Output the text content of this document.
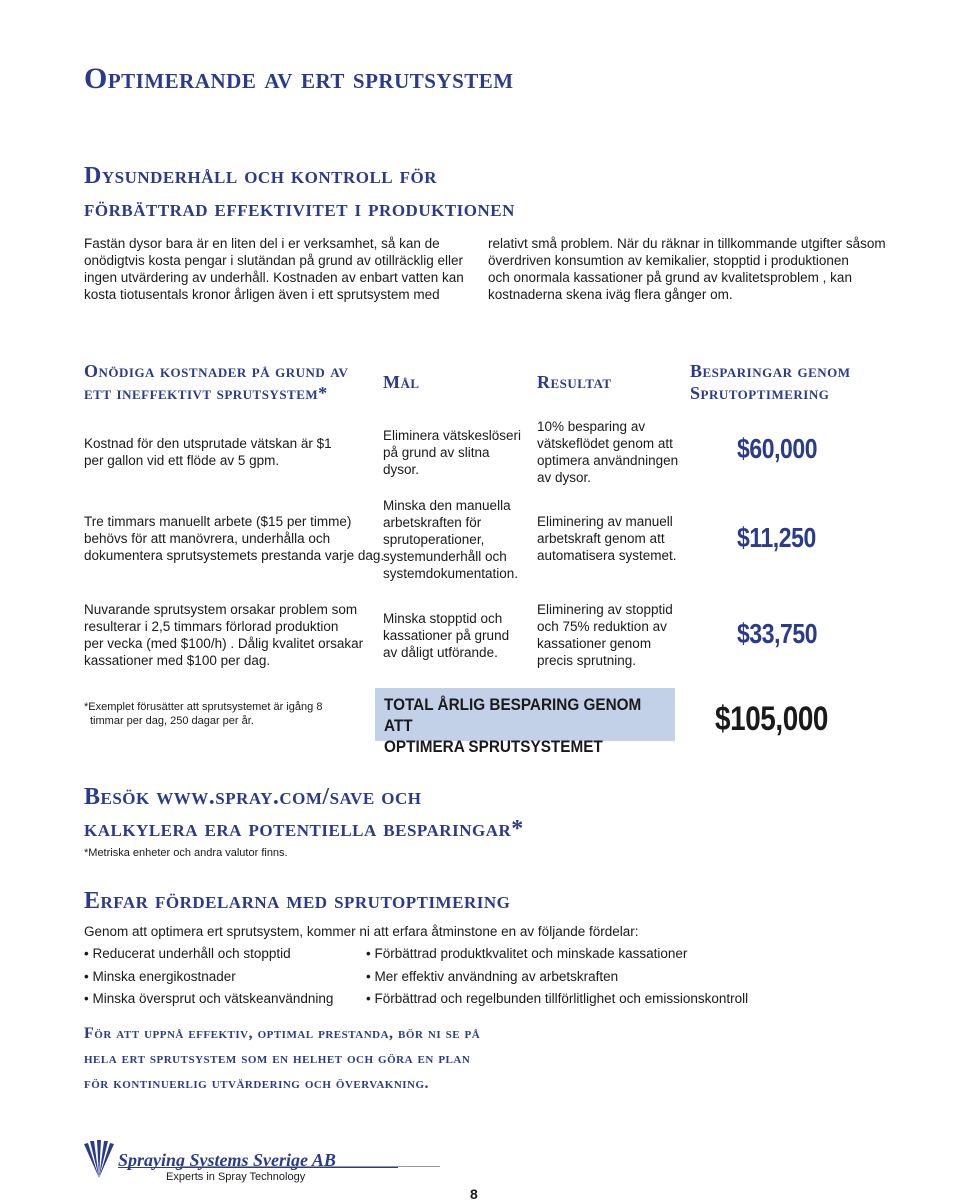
Optimerande av ert sprutsystem
Dysunderhåll och kontroll för
förbättrad effektivitet i produktionen
Fastän dysor bara är en liten del i er verksamhet, så kan de
onödigtvis kosta pengar i slutändan på grund av otillräcklig eller
ingen utvärdering av underhåll. Kostnaden av enbart vatten kan
kosta tiotusentals kronor årligen även i ett sprutsystem med
relativt små problem. När du räknar in tillkommande utgifter såsom
överdriven konsumtion av kemikalier, stopptid i produktionen
och onormala kassationer på grund av kvalitetsproblem , kan
kostnaderna skena iväg flera gånger om.
Onödiga kostnader på grund av
ett ineffektivt sprutsystem*
Mål	Resultat
Besparingar genom
Sprutoptimering
Kostnad för den utsprutade vätskan är $1
per gallon vid ett flöde av 5 gpm.
Eliminera vätskeslöseri
på grund av slitna
dysor.
10% besparing av
vätskeflödet genom att
optimera användningen
av dysor.
$60,000
Tre timmars manuellt arbete ($15 per timme)
behövs för att manövrera, underhålla och
dokumentera sprutsystemets prestanda varje dag.
Minska den manuella
arbetskraften för
sprutoperationer,
systemunderhåll och
systemdokumentation.
Eliminering av manuell
arbetskraft genom att
automatisera systemet.
$11,250
Nuvarande sprutsystem orsakar problem som
resulterar i 2,5 timmars förlorad produktion
per vecka (med $100/h) . Dålig kvalitet orsakar
kassationer med $100 per dag.
Minska stopptid och
kassationer på grund
av dåligt utförande.
Eliminering av stopptid
och 75% reduktion av
kassationer genom
precis sprutning.
$33,750
*Exemplet förusätter att sprutsystemet är igång 8
timmar per dag, 250 dagar per år.
TOTAL ÅRLIG BESPARING GENOM ATT
OPTIMERA SPRUTSYSTEMET
$105,000
Besök www.spray.com/save och
kalkylera era potentiella besparingar*
*Metriska enheter och andra valutor finns.
Erfar fördelarna med sprutoptimering
Genom att optimera ert sprutsystem, kommer ni att erfara åtminstone en av följande fördelar:
• Reducerat underhåll och stopptid
• Minska energikostnader
• Minska översprut och vätskeanvändning
• Förbättrad produktkvalitet och minskade kassationer
• Mer effektiv användning av arbetskraften
• Förbättrad och regelbunden tillförlitlighet och emissionskontroll
För att uppnå effektiv, optimal prestanda, bör ni se på
hela ert sprutsystem som en helhet och göra en plan
för kontinuerlig utvärdering och övervakning.
Spraying Systems Sverige AB
Experts in Spray Technology
8
